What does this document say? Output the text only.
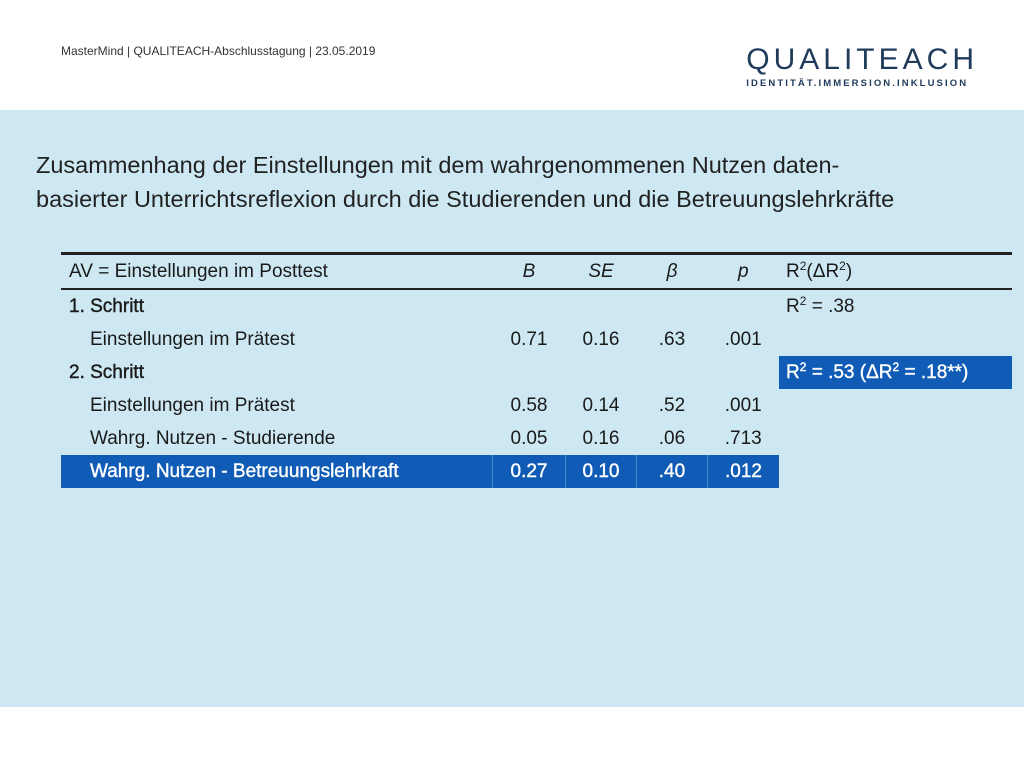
MasterMind | QUALITEACH-Abschlusstagung | 23.05.2019	QUALITEACH
IDENTITÄT.IMMERSION.INKLUSION
Zusammenhang der Einstellungen mit dem wahrgenommenen Nutzen daten-
basierter Unterrichtsreflexion durch die Studierenden und die Betreuungslehrkräfte
AV = Einstellungen im Posttest	B	SE	β	p	$R^2(\Delta R^2)$
1. Schritt					$R^2 = .38$
Einstellungen im Prätest	0.71	0.16	.63	.001	
2. Schritt					$R^2 = .53$ $(\Delta R^2 = .18**)$
Einstellungen im Prätest	0.58	0.14	.52	.001	
Wahrg. Nutzen - Studierende	0.05	0.16	.06	.713	
Wahrg. Nutzen - Betreuungslehrkraft	0.27	0.10	.40	.012	
